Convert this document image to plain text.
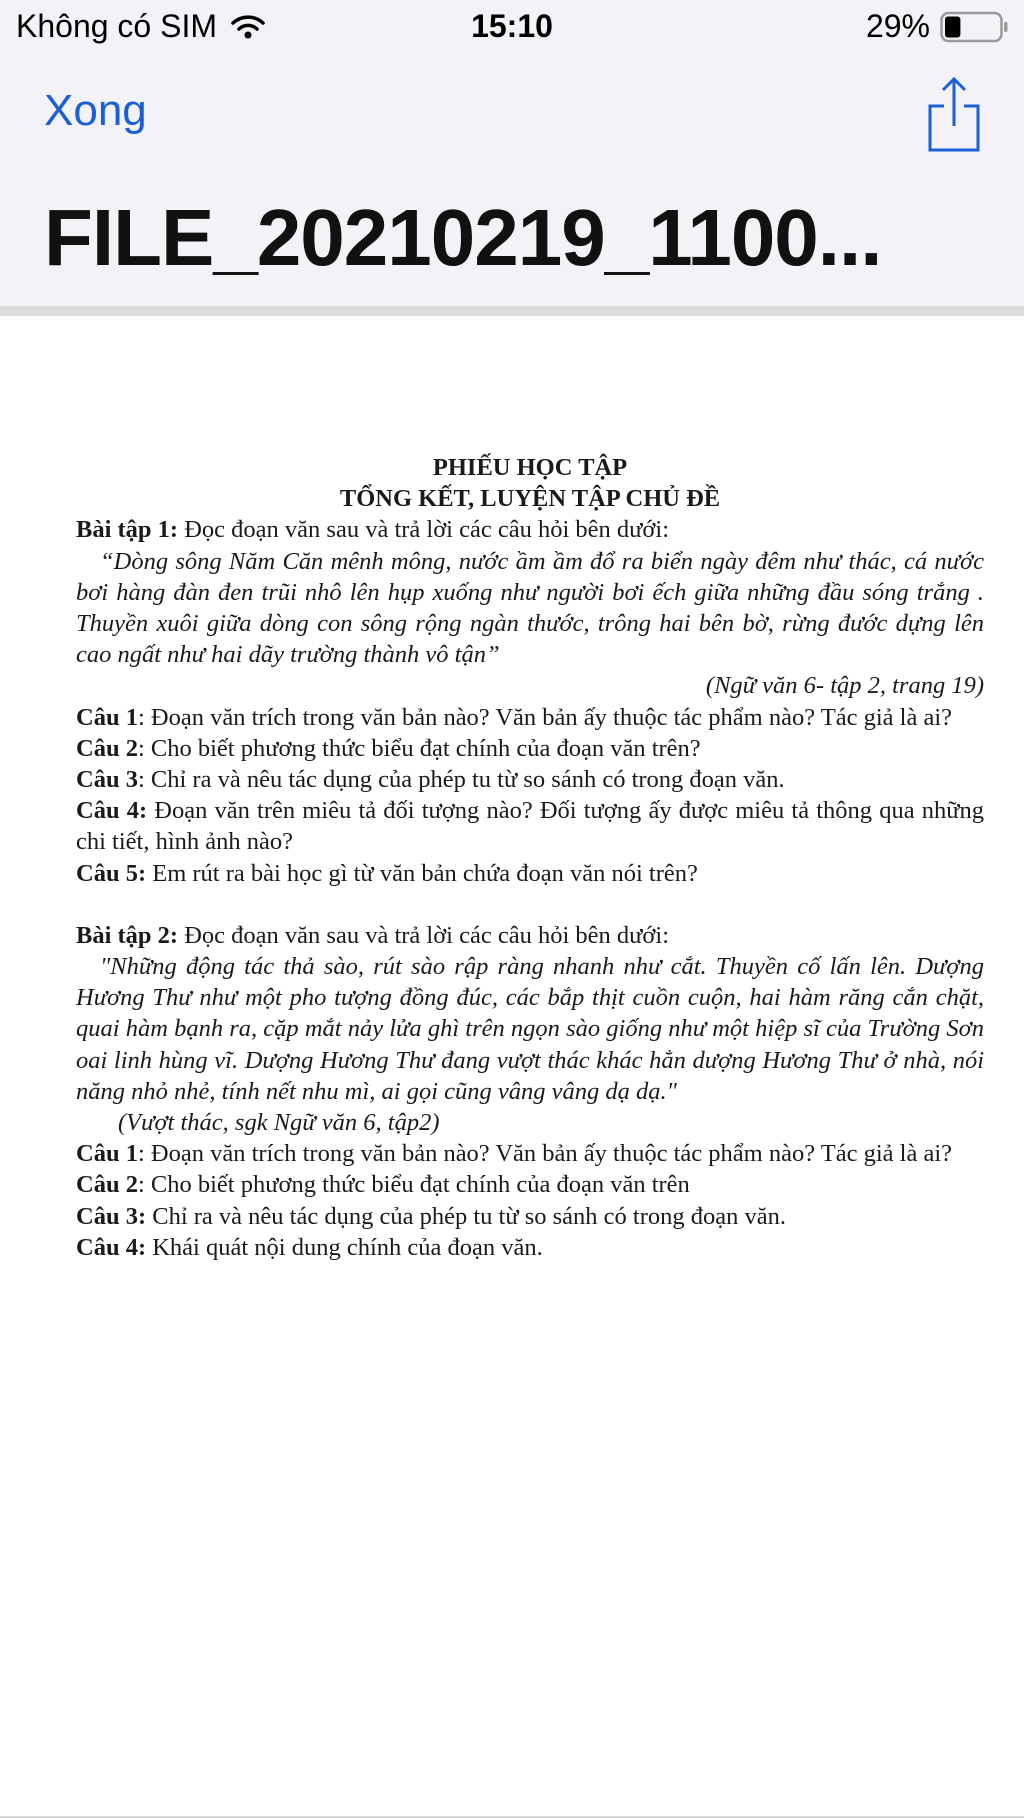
Không có SIM	15:10	29%
Xong
FILE_20210219_1100...

PHIẾU HỌC TẬP

TỔNG KẾT, LUYỆN TẬP CHỦ ĐỀ

Bài tập 1: Đọc đoạn văn sau và trả lời các câu hỏi bên dưới:

“Dòng sông Năm Căn mênh mông, nước ầm ầm đổ ra biển ngày đêm như thác, cá nước bơi hàng đàn đen trũi nhô lên hụp xuống như người bơi ếch giữa những đầu sóng trắng . Thuyền xuôi giữa dòng con sông rộng ngàn thước, trông hai bên bờ, rừng đước dựng lên cao ngất như hai dãy trường thành vô tận”

(Ngữ văn 6- tập 2, trang 19)

Câu 1: Đoạn văn trích trong văn bản nào? Văn bản ấy thuộc tác phẩm nào? Tác giả là ai?

Câu 2: Cho biết phương thức biểu đạt chính của đoạn văn trên?

Câu 3: Chỉ ra và nêu tác dụng của phép tu từ so sánh có trong đoạn văn.

Câu 4: Đoạn văn trên miêu tả đối tượng nào? Đối tượng ấy được miêu tả thông qua những chi tiết, hình ảnh nào?

Câu 5: Em rút ra bài học gì từ văn bản chứa đoạn văn nói trên?

Bài tập 2: Đọc đoạn văn sau và trả lời các câu hỏi bên dưới:

"Những động tác thả sào, rút sào rập ràng nhanh như cắt. Thuyền cố lấn lên. Dượng Hương Thư như một pho tượng đồng đúc, các bắp thịt cuồn cuộn, hai hàm răng cắn chặt, quai hàm bạnh ra, cặp mắt nảy lửa ghì trên ngọn sào giống như một hiệp sĩ của Trường Sơn oai linh hùng vĩ. Dượng Hương Thư đang vượt thác khác hẳn dượng Hương Thư ở nhà, nói năng nhỏ nhẻ, tính nết nhu mì, ai gọi cũng vâng vâng dạ dạ."

(Vượt thác, sgk Ngữ văn 6, tập2)

Câu 1: Đoạn văn trích trong văn bản nào? Văn bản ấy thuộc tác phẩm nào? Tác giả là ai?

Câu 2: Cho biết phương thức biểu đạt chính của đoạn văn trên

Câu 3: Chỉ ra và nêu tác dụng của phép tu từ so sánh có trong đoạn văn.

Câu 4: Khái quát nội dung chính của đoạn văn.
